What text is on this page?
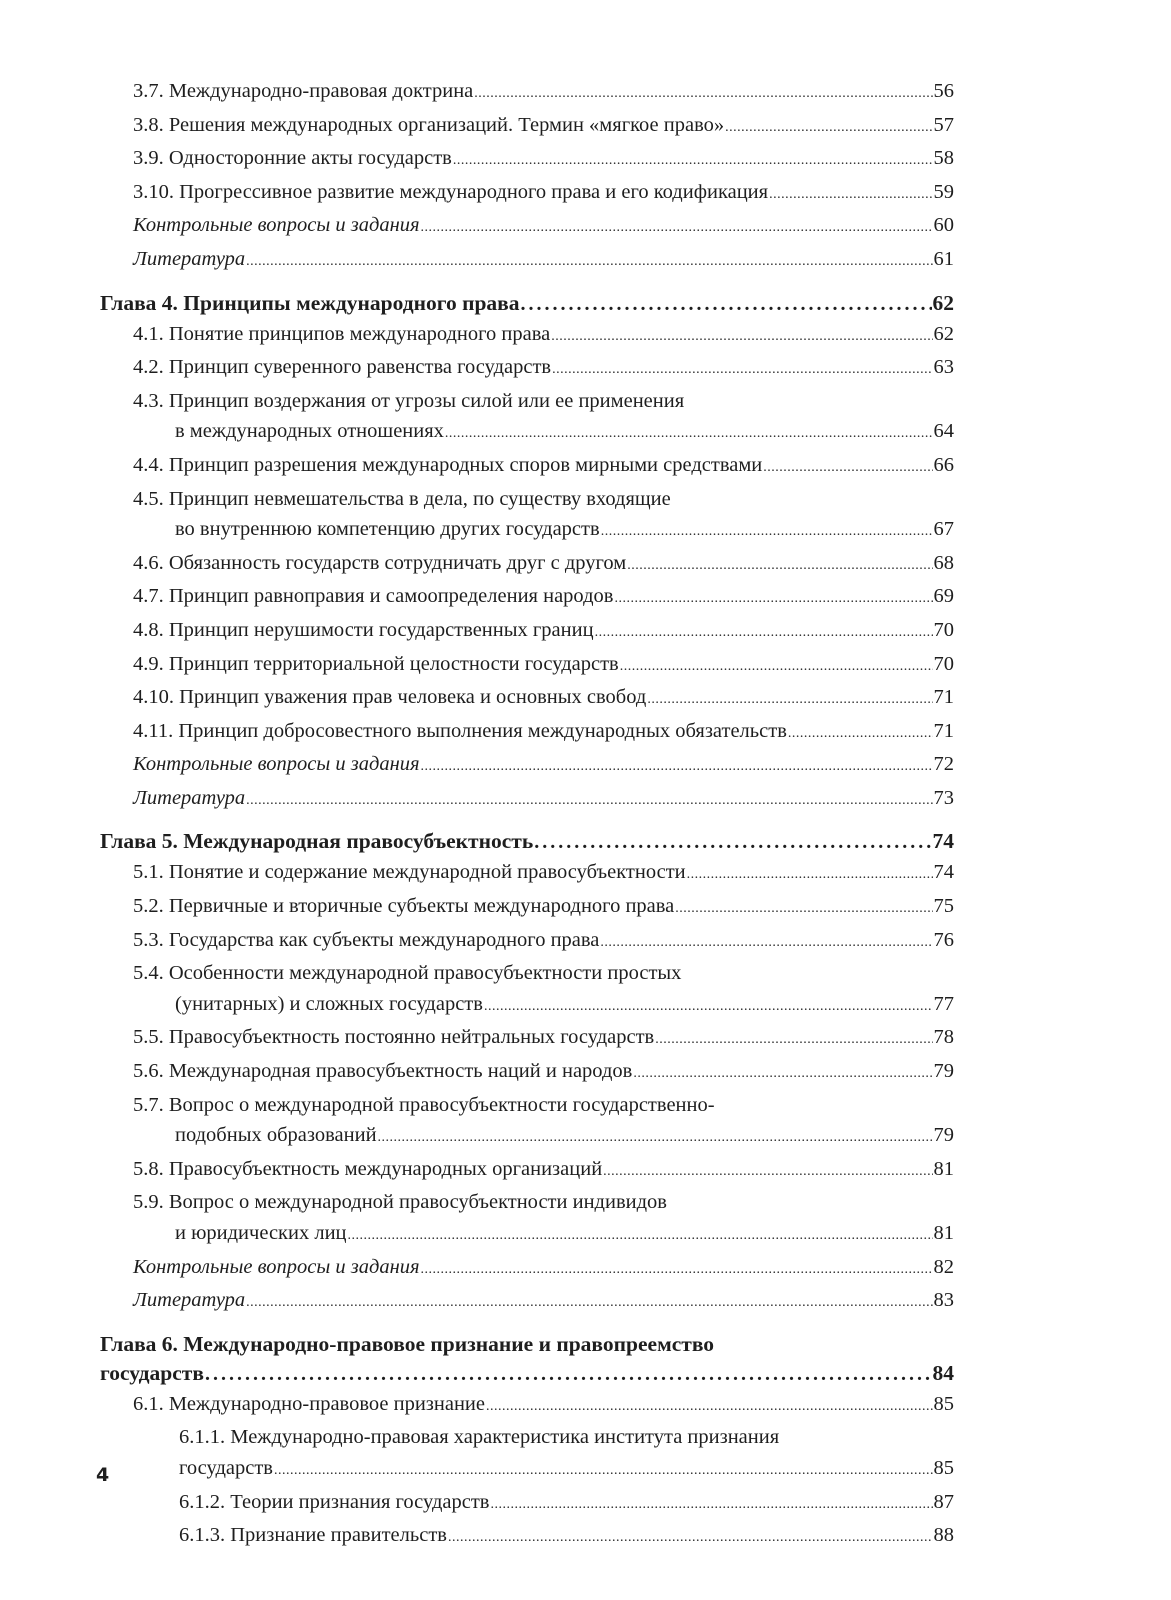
3.7. Международно-правовая доктрина . . .	56
3.8. Решения международных организаций. Термин «мягкое право» . . .	57
3.9. Односторонние акты государств . . .	58
3.10. Прогрессивное развитие международного права и его кодификация . . .	59
Контрольные вопросы и задания . . .	60
Литература . . .	61
Глава 4. Принципы международного права . . .	62
4.1. Понятие принципов международного права . . .	62
4.2. Принцип суверенного равенства государств . . .	63
4.3. Принцип воздержания от угрозы силой или ее применения
в международных отношениях . . .	64
4.4. Принцип разрешения международных споров мирными средствами . . .	66
4.5. Принцип невмешательства в дела, по существу входящие
во внутреннюю компетенцию других государств . . .	67
4.6. Обязанность государств сотрудничать друг с другом . . .	68
4.7. Принцип равноправия и самоопределения народов . . .	69
4.8. Принцип нерушимости государственных границ . . .	70
4.9. Принцип территориальной целостности государств . . .	70
4.10. Принцип уважения прав человека и основных свобод . . .	71
4.11. Принцип добросовестного выполнения международных обязательств . . .	71
Контрольные вопросы и задания . . .	72
Литература . . .	73
Глава 5. Международная правосубъектность . . .	74
5.1. Понятие и содержание международной правосубъектности . . .	74
5.2. Первичные и вторичные субъекты международного права . . .	75
5.3. Государства как субъекты международного права . . .	76
5.4. Особенности международной правосубъектности простых
(унитарных) и сложных государств . . .	77
5.5. Правосубъектность постоянно нейтральных государств . . .	78
5.6. Международная правосубъектность наций и народов . . .	79
5.7. Вопрос о международной правосубъектности государственно-
подобных образований . . .	79
5.8. Правосубъектность международных организаций . . .	81
5.9. Вопрос о международной правосубъектности индивидов
и юридических лиц . . .	81
Контрольные вопросы и задания . . .	82
Литература . . .	83
Глава 6. Международно-правовое признание и правопреемство
государств . . .	84
6.1. Международно-правовое признание . . .	85
6.1.1. Международно-правовая характеристика института признания
государств . . .	85
6.1.2. Теории признания государств . . .	87
6.1.3. Признание правительств . . .	88
4
